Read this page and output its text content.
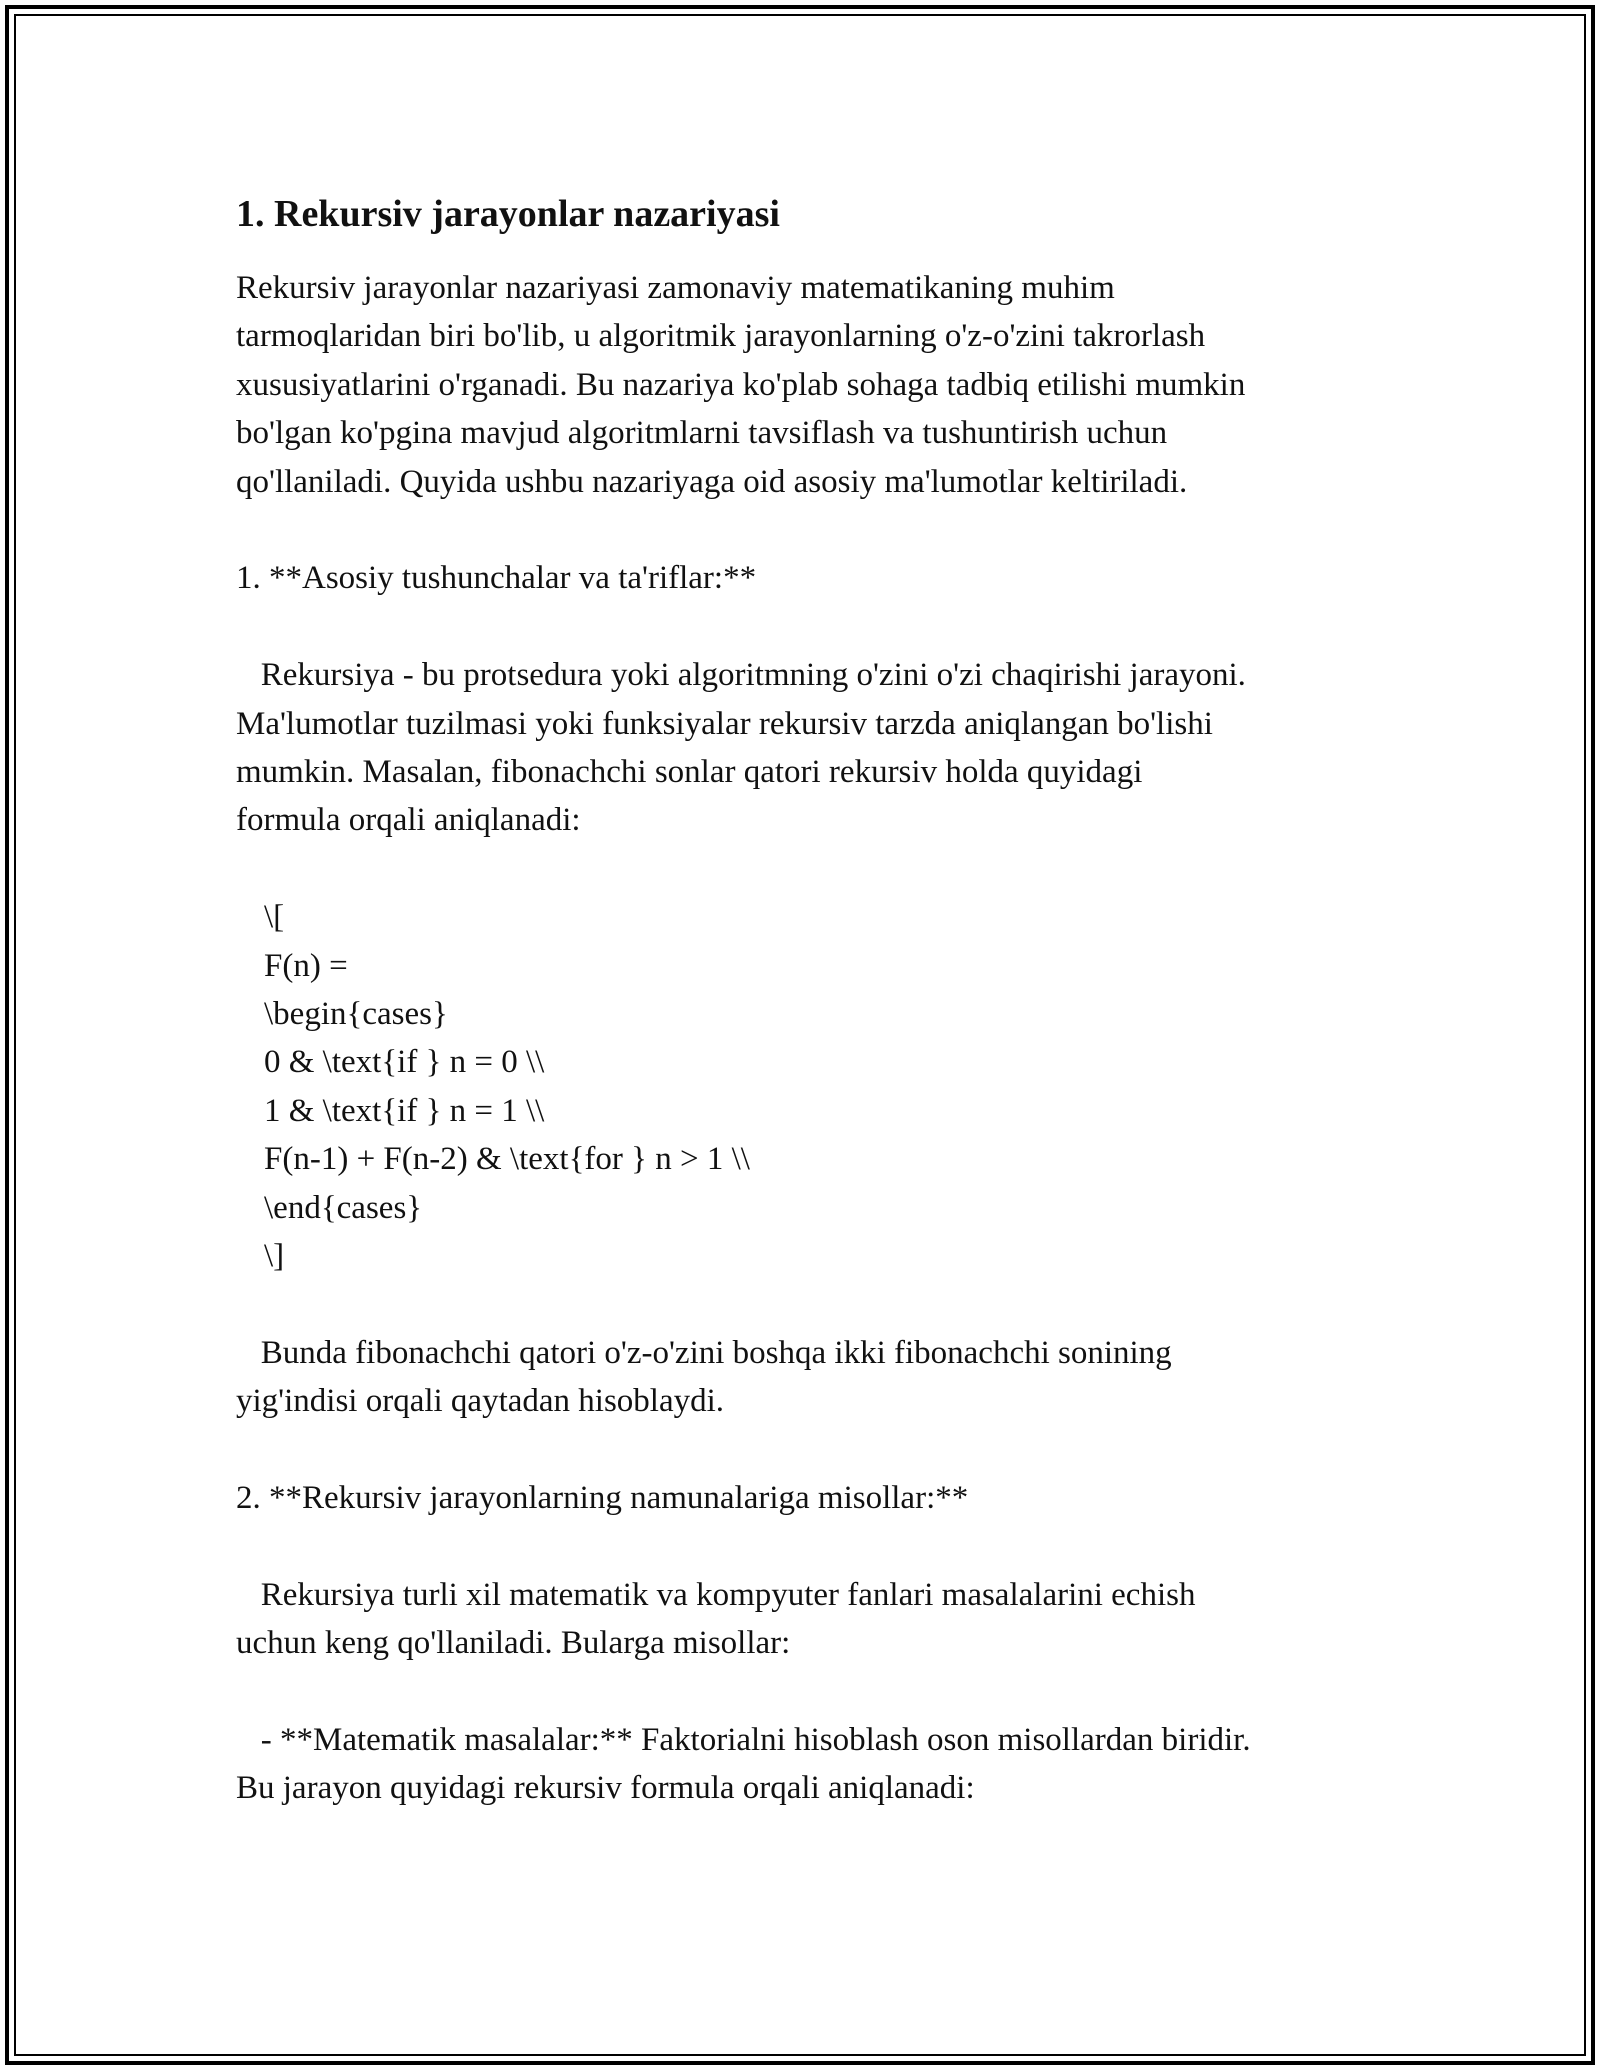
1. Rekursiv jarayonlar nazariyasi

Rekursiv jarayonlar nazariyasi zamonaviy matematikaning muhim
tarmoqlaridan biri bo'lib, u algoritmik jarayonlarning o'z-o'zini takrorlash
xususiyatlarini o'rganadi. Bu nazariya ko'plab sohaga tadbiq etilishi mumkin
bo'lgan ko'pgina mavjud algoritmlarni tavsiflash va tushuntirish uchun
qo'llaniladi. Quyida ushbu nazariyaga oid asosiy ma'lumotlar keltiriladi.

1. **Asosiy tushunchalar va ta'riflar:**

Rekursiya - bu protsedura yoki algoritmning o'zini o'zi chaqirishi jarayoni.
Ma'lumotlar tuzilmasi yoki funksiyalar rekursiv tarzda aniqlangan bo'lishi
mumkin. Masalan, fibonachchi sonlar qatori rekursiv holda quyidagi
formula orqali aniqlanadi:

\[

F(n) =

\begin{cases}

0 & \text{if } n = 0 \\

1 & \text{if } n = 1 \\

F(n-1) + F(n-2) & \text{for } n > 1 \\

\end{cases}

\]

Bunda fibonachchi qatori o'z-o'zini boshqa ikki fibonachchi sonining
yig'indisi orqali qaytadan hisoblaydi.

2. **Rekursiv jarayonlarning namunalariga misollar:**

Rekursiya turli xil matematik va kompyuter fanlari masalalarini echish
uchun keng qo'llaniladi. Bularga misollar:

- **Matematik masalalar:** Faktorialni hisoblash oson misollardan biridir.
Bu jarayon quyidagi rekursiv formula orqali aniqlanadi:
